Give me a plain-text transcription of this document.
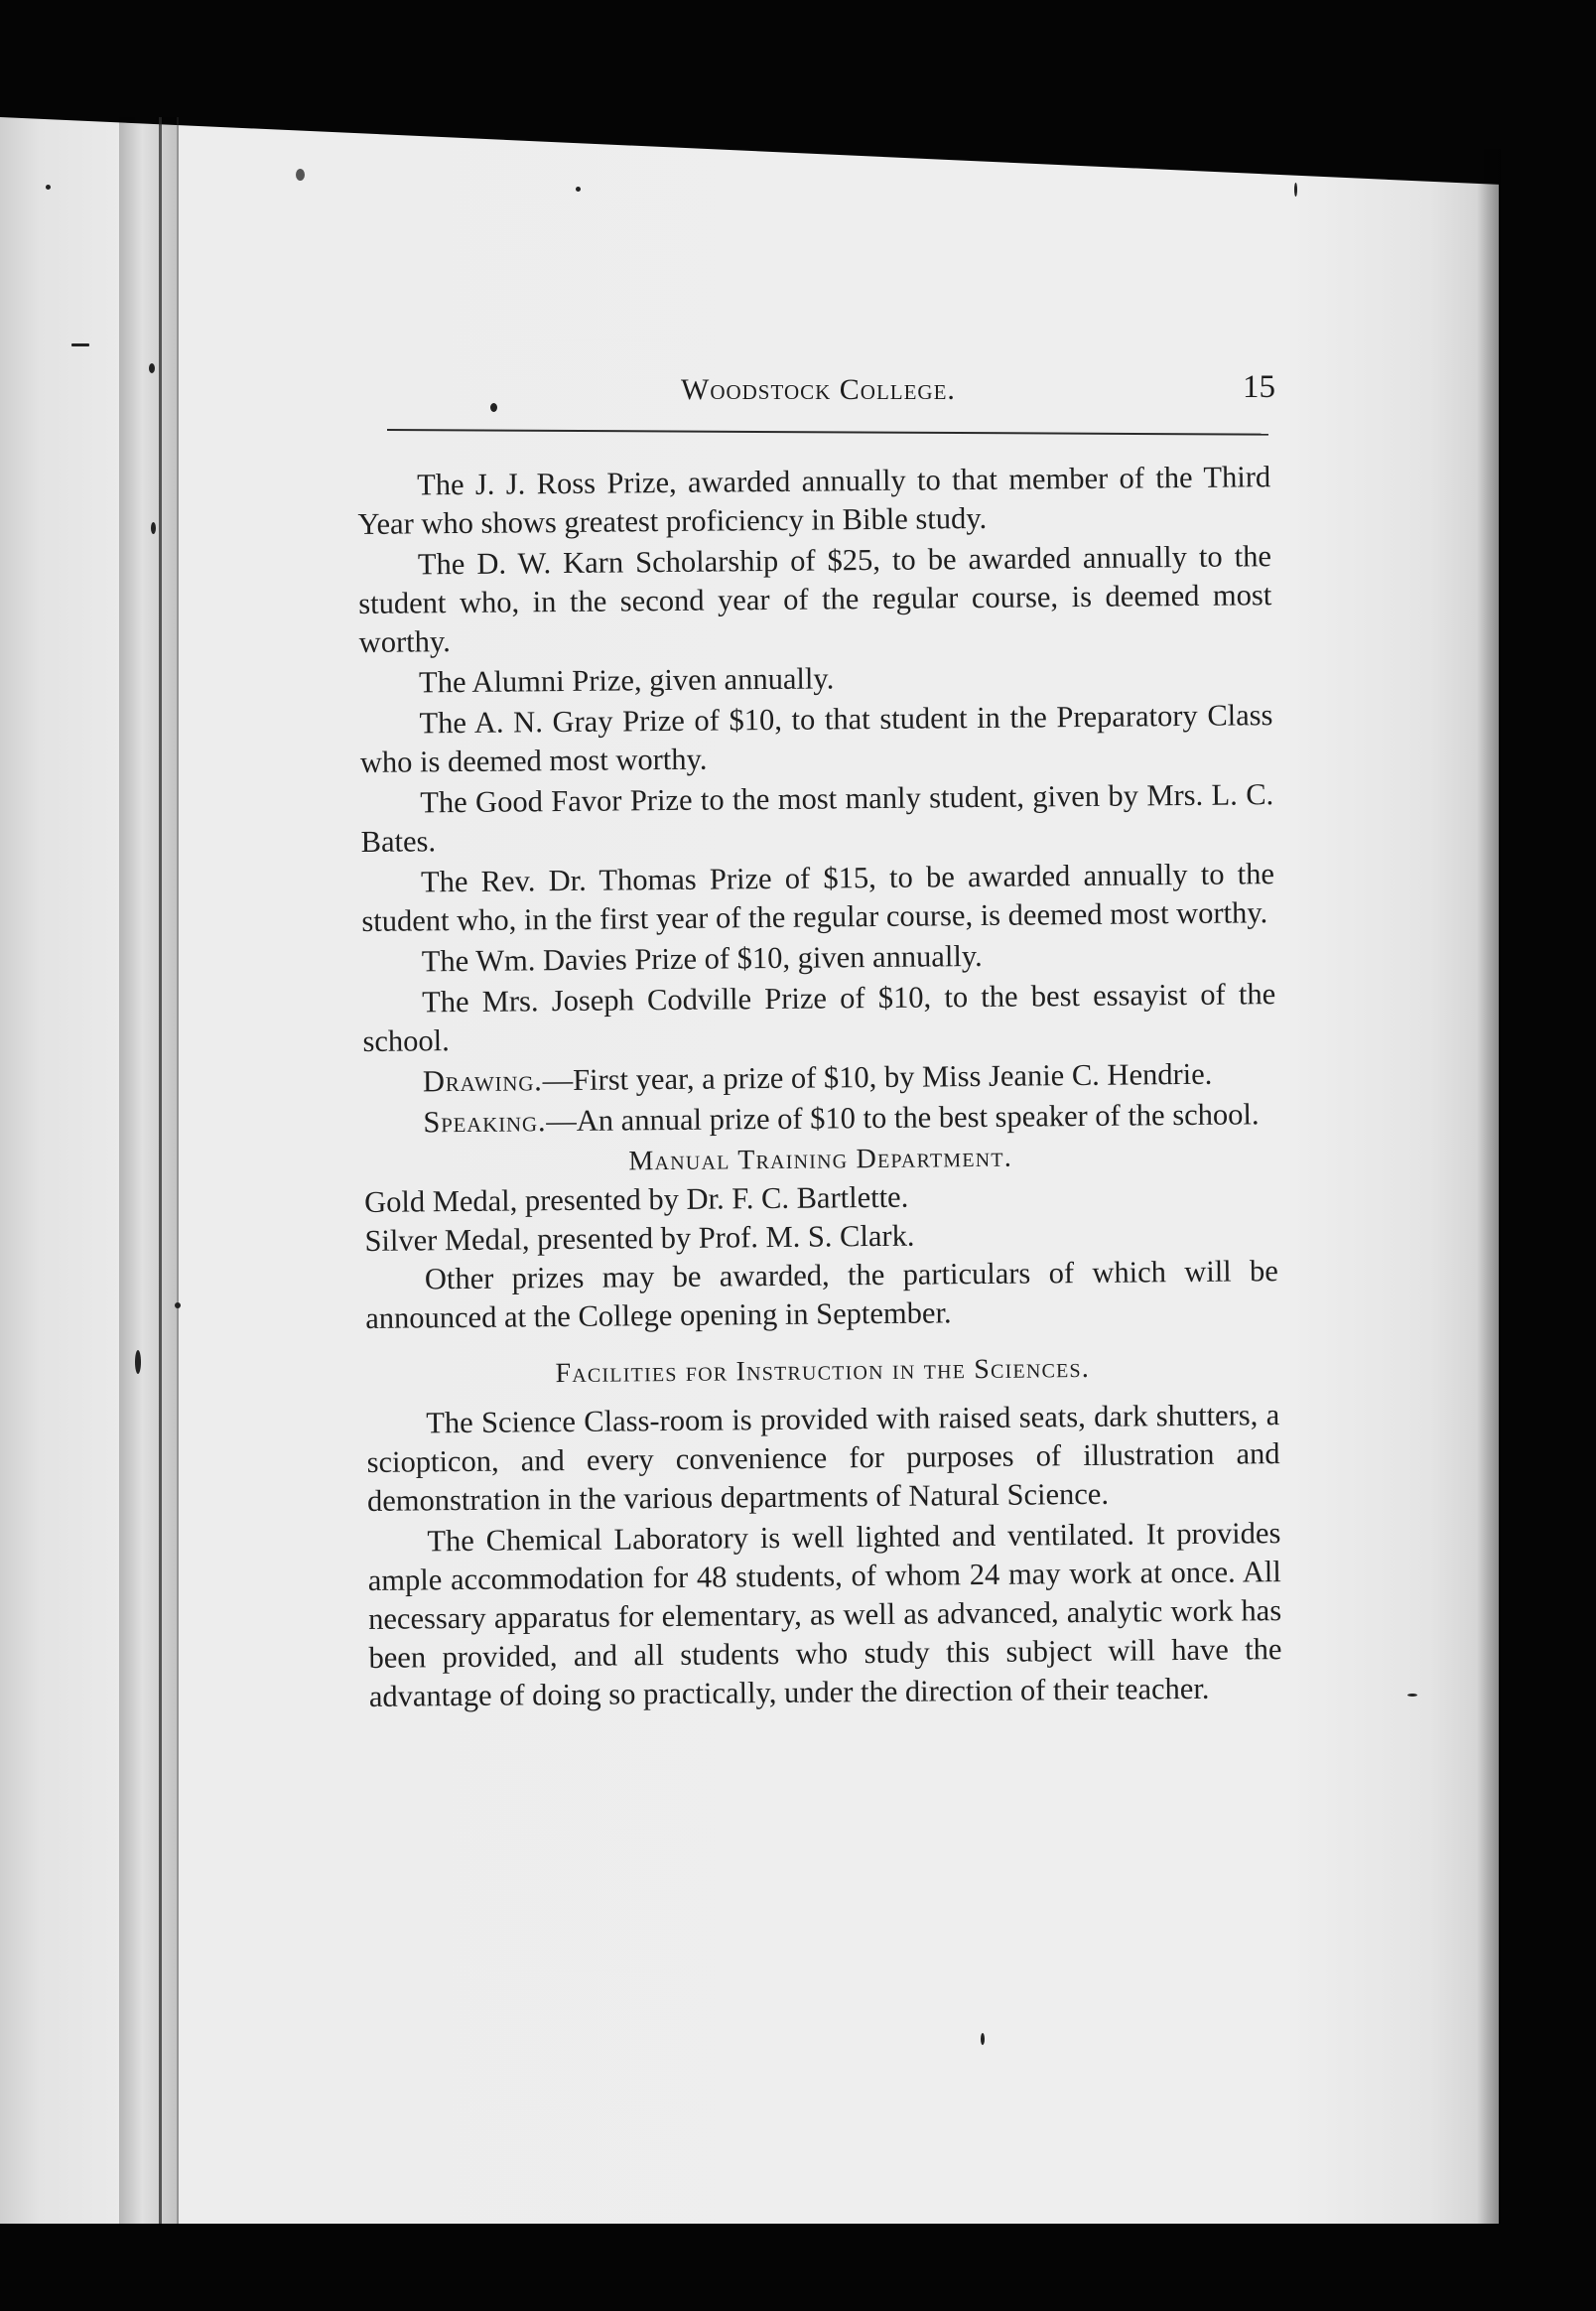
Woodstock College.	15

The J. J. Ross Prize, awarded annually to that member of the Third Year who shows greatest proficiency in Bible study.

The D. W. Karn Scholarship of $25, to be awarded annually to the student who, in the second year of the regular course, is deemed most worthy.

The Alumni Prize, given annually.

The A. N. Gray Prize of $10, to that student in the Preparatory Class who is deemed most worthy.

The Good Favor Prize to the most manly student, given by Mrs. L. C. Bates.

The Rev. Dr. Thomas Prize of $15, to be awarded annually to the student who, in the first year of the regular course, is deemed most worthy.

The Wm. Davies Prize of $10, given annually.

The Mrs. Joseph Codville Prize of $10, to the best essayist of the school.

Drawing.—First year, a prize of $10, by Miss Jeanie C. Hendrie.

Speaking.—An annual prize of $10 to the best speaker of the school.

Manual Training Department.

Gold Medal, presented by Dr. F. C. Bartlette.

Silver Medal, presented by Prof. M. S. Clark.

Other prizes may be awarded, the particulars of which will be announced at the College opening in September.

Facilities for Instruction in the Sciences.

The Science Class-room is provided with raised seats, dark shutters, a sciopticon, and every convenience for purposes of illustration and demonstration in the various departments of Natural Science.

The Chemical Laboratory is well lighted and ventilated. It provides ample accommodation for 48 students, of whom 24 may work at once. All necessary apparatus for elementary, as well as advanced, analytic work has been provided, and all students who study this subject will have the advantage of doing so practically, under the direction of their teacher.
